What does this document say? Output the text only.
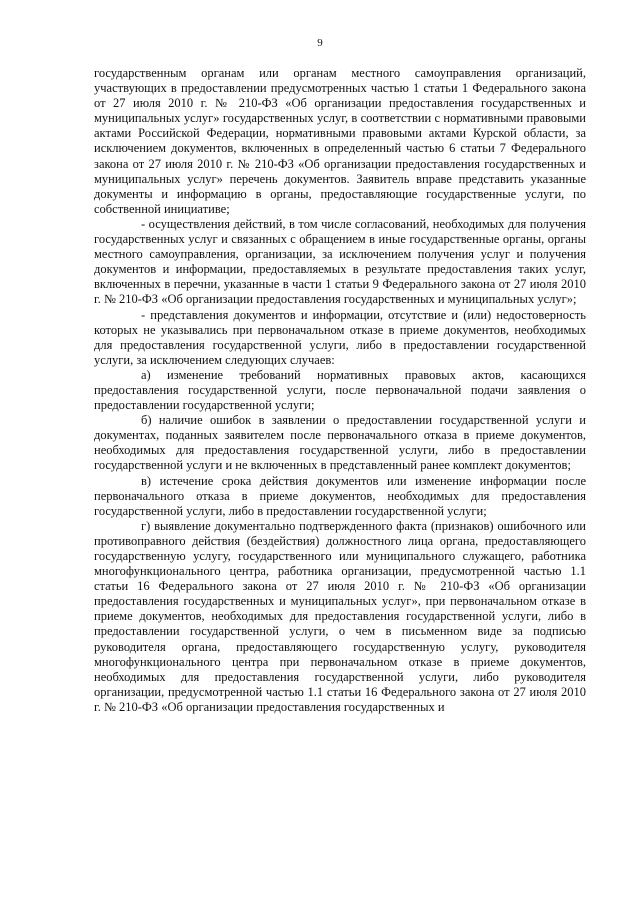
9

государственным органам или органам местного самоуправления организаций, участвующих в предоставлении предусмотренных частью 1 статьи 1 Федерального закона от 27 июля 2010 г. № 210-ФЗ «Об организации предоставления государственных и муниципальных услуг» государственных услуг, в соответствии с нормативными правовыми актами Российской Федерации, нормативными правовыми актами Курской области, за исключением документов, включенных в определенный частью 6 статьи 7 Федерального закона от 27 июля 2010 г. № 210-ФЗ «Об организации предоставления государственных и муниципальных услуг» перечень документов. Заявитель вправе представить указанные документы и информацию в органы, предоставляющие государственные услуги, по собственной инициативе;

- осуществления действий, в том числе согласований, необходимых для получения государственных услуг и связанных с обращением в иные государственные органы, органы местного самоуправления, организации, за исключением получения услуг и получения документов и информации, предоставляемых в результате предоставления таких услуг, включенных в перечни, указанные в части 1 статьи 9 Федерального закона от 27 июля 2010 г. № 210-ФЗ «Об организации предоставления государственных и муниципальных услуг»;

- представления документов и информации, отсутствие и (или) недостоверность которых не указывались при первоначальном отказе в приеме документов, необходимых для предоставления государственной услуги, либо в предоставлении государственной услуги, за исключением следующих случаев:

а) изменение требований нормативных правовых актов, касающихся предоставления государственной услуги, после первоначальной подачи заявления о предоставлении государственной услуги;

б) наличие ошибок в заявлении о предоставлении государственной услуги и документах, поданных заявителем после первоначального отказа в приеме документов, необходимых для предоставления государственной услуги, либо в предоставлении государственной услуги и не включенных в представленный ранее комплект документов;

в) истечение срока действия документов или изменение информации после первоначального отказа в приеме документов, необходимых для предоставления государственной услуги, либо в предоставлении государственной услуги;

г) выявление документально подтвержденного факта (признаков) ошибочного или противоправного действия (бездействия) должностного лица органа, предоставляющего государственную услугу, государственного или муниципального служащего, работника многофункционального центра, работника организации, предусмотренной частью 1.1 статьи 16 Федерального закона от 27 июля 2010 г. № 210-ФЗ «Об организации предоставления государственных и муниципальных услуг», при первоначальном отказе в приеме документов, необходимых для предоставления государственной услуги, либо в предоставлении государственной услуги, о чем в письменном виде за подписью руководителя органа, предоставляющего государственную услугу, руководителя многофункционального центра при первоначальном отказе в приеме документов, необходимых для предоставления государственной услуги, либо руководителя организации, предусмотренной частью 1.1 статьи 16 Федерального закона от 27 июля 2010 г. № 210-ФЗ «Об организации предоставления государственных и
